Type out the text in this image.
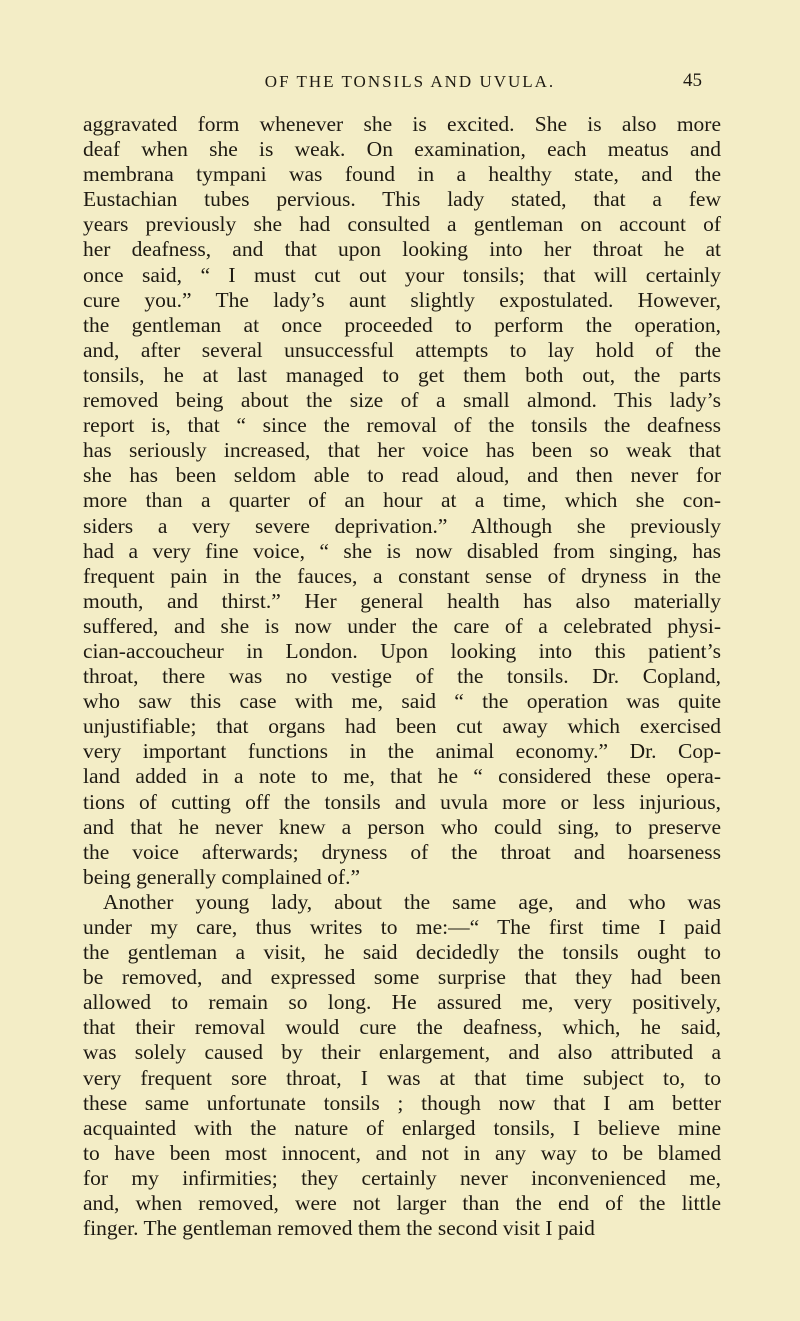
OF THE TONSILS AND UVULA.	45
aggravated form whenever she is excited. She is also more
deaf when she is weak. On examination, each meatus and
membrana tympani was found in a healthy state, and the
Eustachian tubes pervious. This lady stated, that a few
years previously she had consulted a gentleman on account of
her deafness, and that upon looking into her throat he at
once said, “ I must cut out your tonsils; that will certainly
cure you.” The lady’s aunt slightly expostulated. However,
the gentleman at once proceeded to perform the operation,
and, after several unsuccessful attempts to lay hold of the
tonsils, he at last managed to get them both out, the parts
removed being about the size of a small almond. This lady’s
report is, that “ since the removal of the tonsils the deafness
has seriously increased, that her voice has been so weak that
she has been seldom able to read aloud, and then never for
more than a quarter of an hour at a time, which she con-
siders a very severe deprivation.” Although she previously
had a very fine voice, “ she is now disabled from singing, has
frequent pain in the fauces, a constant sense of dryness in the
mouth, and thirst.” Her general health has also materially
suffered, and she is now under the care of a celebrated physi-
cian-accoucheur in London. Upon looking into this patient’s
throat, there was no vestige of the tonsils. Dr. Copland,
who saw this case with me, said “ the operation was quite
unjustifiable; that organs had been cut away which exercised
very important functions in the animal economy.” Dr. Cop-
land added in a note to me, that he “ considered these opera-
tions of cutting off the tonsils and uvula more or less injurious,
and that he never knew a person who could sing, to preserve
the voice afterwards; dryness of the throat and hoarseness
being generally complained of.”
Another young lady, about the same age, and who was
under my care, thus writes to me:—“ The first time I paid
the gentleman a visit, he said decidedly the tonsils ought to
be removed, and expressed some surprise that they had been
allowed to remain so long. He assured me, very positively,
that their removal would cure the deafness, which, he said,
was solely caused by their enlargement, and also attributed a
very frequent sore throat, I was at that time subject to, to
these same unfortunate tonsils ; though now that I am better
acquainted with the nature of enlarged tonsils, I believe mine
to have been most innocent, and not in any way to be blamed
for my infirmities; they certainly never inconvenienced me,
and, when removed, were not larger than the end of the little
finger. The gentleman removed them the second visit I paid
